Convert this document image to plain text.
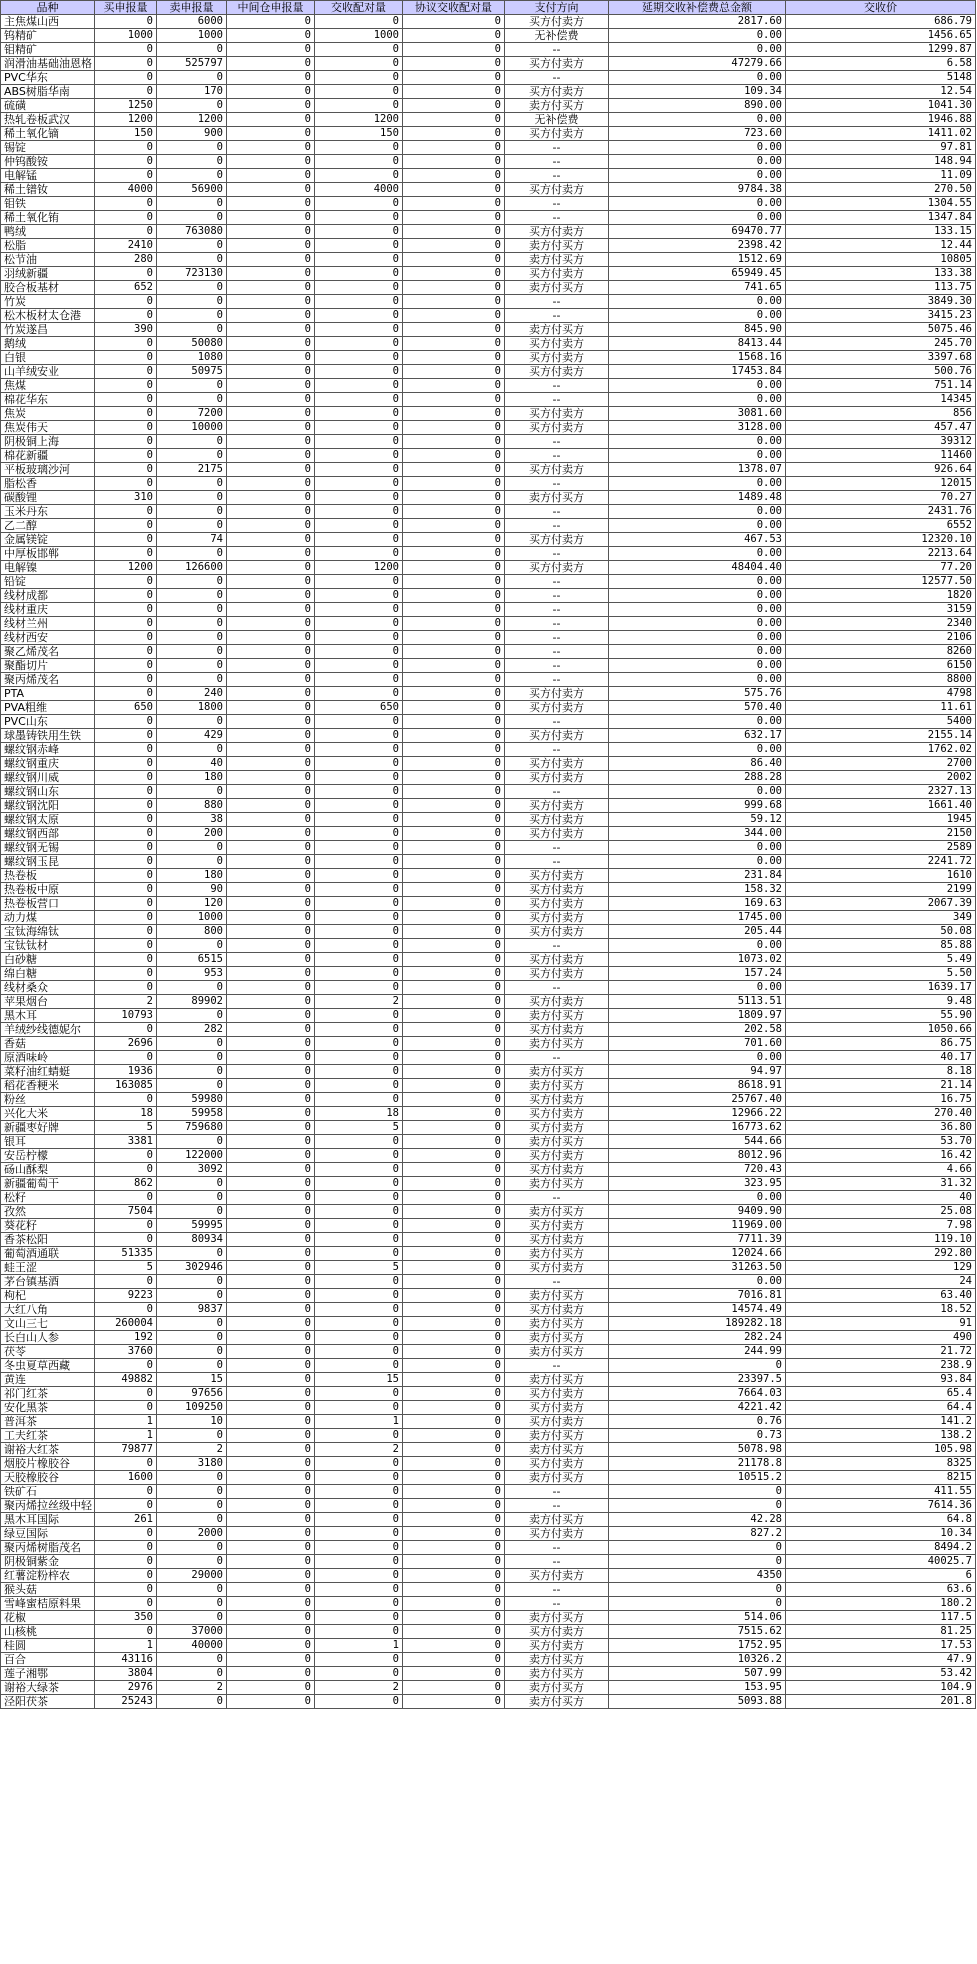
品种	买申报量	卖申报量	中间仓申报量	交收配对量	协议交收配对量	支付方向	延期交收补偿费总金额	交收价
主焦煤山西	0	6000	0	0	0	买方付卖方	2817.60	686.79
钨精矿	1000	1000	0	1000	0	无补偿费	0.00	1456.65
钼精矿	0	0	0	0	0	--	0.00	1299.87
润滑油基础油恩格	0	525797	0	0	0	买方付卖方	47279.66	6.58
PVC华东	0	0	0	0	0	--	0.00	5148
ABS树脂华南	0	170	0	0	0	买方付卖方	109.34	12.54
硫磺	1250	0	0	0	0	卖方付买方	890.00	1041.30
热轧卷板武汉	1200	1200	0	1200	0	无补偿费	0.00	1946.88
稀土氧化镝	150	900	0	150	0	买方付卖方	723.60	1411.02
锡锭	0	0	0	0	0	--	0.00	97.81
仲钨酸铵	0	0	0	0	0	--	0.00	148.94
电解锰	0	0	0	0	0	--	0.00	11.09
稀土镨钕	4000	56900	0	4000	0	买方付卖方	9784.38	270.50
钼铁	0	0	0	0	0	--	0.00	1304.55
稀土氧化铕	0	0	0	0	0	--	0.00	1347.84
鸭绒	0	763080	0	0	0	买方付卖方	69470.77	133.15
松脂	2410	0	0	0	0	卖方付买方	2398.42	12.44
松节油	280	0	0	0	0	卖方付买方	1512.69	10805
羽绒新疆	0	723130	0	0	0	买方付卖方	65949.45	133.38
胶合板基材	652	0	0	0	0	卖方付买方	741.65	113.75
竹炭	0	0	0	0	0	--	0.00	3849.30
松木板材太仓港	0	0	0	0	0	--	0.00	3415.23
竹炭遂昌	390	0	0	0	0	卖方付买方	845.90	5075.46
鹅绒	0	50080	0	0	0	买方付卖方	8413.44	245.70
白银	0	1080	0	0	0	买方付卖方	1568.16	3397.68
山羊绒安业	0	50975	0	0	0	买方付卖方	17453.84	500.76
焦煤	0	0	0	0	0	--	0.00	751.14
棉花华东	0	0	0	0	0	--	0.00	14345
焦炭	0	7200	0	0	0	买方付卖方	3081.60	856
焦炭伟天	0	10000	0	0	0	买方付卖方	3128.00	457.47
阴极铜上海	0	0	0	0	0	--	0.00	39312
棉花新疆	0	0	0	0	0	--	0.00	11460
平板玻璃沙河	0	2175	0	0	0	买方付卖方	1378.07	926.64
脂松香	0	0	0	0	0	--	0.00	12015
碳酸锂	310	0	0	0	0	卖方付买方	1489.48	70.27
玉米丹东	0	0	0	0	0	--	0.00	2431.76
乙二醇	0	0	0	0	0	--	0.00	6552
金属镁锭	0	74	0	0	0	买方付卖方	467.53	12320.10
中厚板邯郸	0	0	0	0	0	--	0.00	2213.64
电解镍	1200	126600	0	1200	0	买方付卖方	48404.40	77.20
铅锭	0	0	0	0	0	--	0.00	12577.50
线材成都	0	0	0	0	0	--	0.00	1820
线材重庆	0	0	0	0	0	--	0.00	3159
线材兰州	0	0	0	0	0	--	0.00	2340
线材西安	0	0	0	0	0	--	0.00	2106
聚乙烯茂名	0	0	0	0	0	--	0.00	8260
聚酯切片	0	0	0	0	0	--	0.00	6150
聚丙烯茂名	0	0	0	0	0	--	0.00	8800
PTA	0	240	0	0	0	买方付卖方	575.76	4798
PVA粗维	650	1800	0	650	0	买方付卖方	570.40	11.61
PVC山东	0	0	0	0	0	--	0.00	5400
球墨铸铁用生铁	0	429	0	0	0	买方付卖方	632.17	2155.14
螺纹钢赤峰	0	0	0	0	0	--	0.00	1762.02
螺纹钢重庆	0	40	0	0	0	买方付卖方	86.40	2700
螺纹钢川威	0	180	0	0	0	买方付卖方	288.28	2002
螺纹钢山东	0	0	0	0	0	--	0.00	2327.13
螺纹钢沈阳	0	880	0	0	0	买方付卖方	999.68	1661.40
螺纹钢太原	0	38	0	0	0	买方付卖方	59.12	1945
螺纹钢西部	0	200	0	0	0	买方付卖方	344.00	2150
螺纹钢无锡	0	0	0	0	0	--	0.00	2589
螺纹钢玉昆	0	0	0	0	0	--	0.00	2241.72
热卷板	0	180	0	0	0	买方付卖方	231.84	1610
热卷板中原	0	90	0	0	0	买方付卖方	158.32	2199
热卷板营口	0	120	0	0	0	买方付卖方	169.63	2067.39
动力煤	0	1000	0	0	0	买方付卖方	1745.00	349
宝钛海绵钛	0	800	0	0	0	买方付卖方	205.44	50.08
宝钛钛材	0	0	0	0	0	--	0.00	85.88
白砂糖	0	6515	0	0	0	买方付卖方	1073.02	5.49
绵白糖	0	953	0	0	0	买方付卖方	157.24	5.50
线材桑众	0	0	0	0	0	--	0.00	1639.17
苹果烟台	2	89902	0	2	0	买方付卖方	5113.51	9.48
黑木耳	10793	0	0	0	0	卖方付买方	1809.97	55.90
羊绒纱线德妮尔	0	282	0	0	0	买方付卖方	202.58	1050.66
香菇	2696	0	0	0	0	卖方付买方	701.60	86.75
原酒味岭	0	0	0	0	0	--	0.00	40.17
菜籽油红蜻蜓	1936	0	0	0	0	卖方付买方	94.97	8.18
稻花香粳米	163085	0	0	0	0	卖方付买方	8618.91	21.14
粉丝	0	59980	0	0	0	买方付卖方	25767.40	16.75
兴化大米	18	59958	0	18	0	买方付卖方	12966.22	270.40
新疆枣好牌	5	759680	0	5	0	买方付卖方	16773.62	36.80
银耳	3381	0	0	0	0	卖方付买方	544.66	53.70
安岳柠檬	0	122000	0	0	0	买方付卖方	8012.96	16.42
砀山酥梨	0	3092	0	0	0	买方付卖方	720.43	4.66
新疆葡萄干	862	0	0	0	0	卖方付买方	323.95	31.32
松籽	0	0	0	0	0	--	0.00	40
孜然	7504	0	0	0	0	卖方付买方	9409.90	25.08
葵花籽	0	59995	0	0	0	买方付卖方	11969.00	7.98
香茶松阳	0	80934	0	0	0	买方付卖方	7711.39	119.10
葡萄酒通联	51335	0	0	0	0	卖方付买方	12024.66	292.80
蛙王涩	5	302946	0	5	0	买方付卖方	31263.50	129
茅台镇基酒	0	0	0	0	0	--	0.00	24
枸杞	9223	0	0	0	0	卖方付买方	7016.81	63.40
大红八角	0	9837	0	0	0	买方付卖方	14574.49	18.52
文山三七	260004	0	0	0	0	卖方付买方	189282.18	91
长白山人参	192	0	0	0	0	卖方付买方	282.24	490
茯苓	3760	0	0	0	0	卖方付买方	244.99	21.72
冬虫夏草西藏	0	0	0	0	0	--	0	238.9
黄连	49882	15	0	15	0	卖方付买方	23397.5	93.84
祁门红茶	0	97656	0	0	0	买方付卖方	7664.03	65.4
安化黑茶	0	109250	0	0	0	买方付卖方	4221.42	64.4
普洱茶	1	10	0	1	0	买方付卖方	0.76	141.2
工夫红茶	1	0	0	0	0	卖方付买方	0.73	138.2
谢裕大红茶	79877	2	0	2	0	卖方付买方	5078.98	105.98
烟胶片橡胶谷	0	3180	0	0	0	买方付卖方	21178.8	8325
天胶橡胶谷	1600	0	0	0	0	卖方付买方	10515.2	8215
铁矿石	0	0	0	0	0	--	0	411.55
聚丙烯拉丝级中轻	0	0	0	0	0	--	0	7614.36
黑木耳国际	261	0	0	0	0	卖方付买方	42.28	64.8
绿豆国际	0	2000	0	0	0	买方付卖方	827.2	10.34
聚丙烯树脂茂名	0	0	0	0	0	--	0	8494.2
阴极铜紫金	0	0	0	0	0	--	0	40025.7
红薯淀粉梓农	0	29000	0	0	0	买方付卖方	4350	6
猴头菇	0	0	0	0	0	--	0	63.6
雪峰蜜桔原料果	0	0	0	0	0	--	0	180.2
花椒	350	0	0	0	0	卖方付买方	514.06	117.5
山核桃	0	37000	0	0	0	买方付卖方	7515.62	81.25
桂圆	1	40000	0	1	0	买方付卖方	1752.95	17.53
百合	43116	0	0	0	0	卖方付买方	10326.2	47.9
莲子湘鄂	3804	0	0	0	0	卖方付买方	507.99	53.42
谢裕大绿茶	2976	2	0	2	0	卖方付买方	153.95	104.9
泾阳茯茶	25243	0	0	0	0	卖方付买方	5093.88	201.8
